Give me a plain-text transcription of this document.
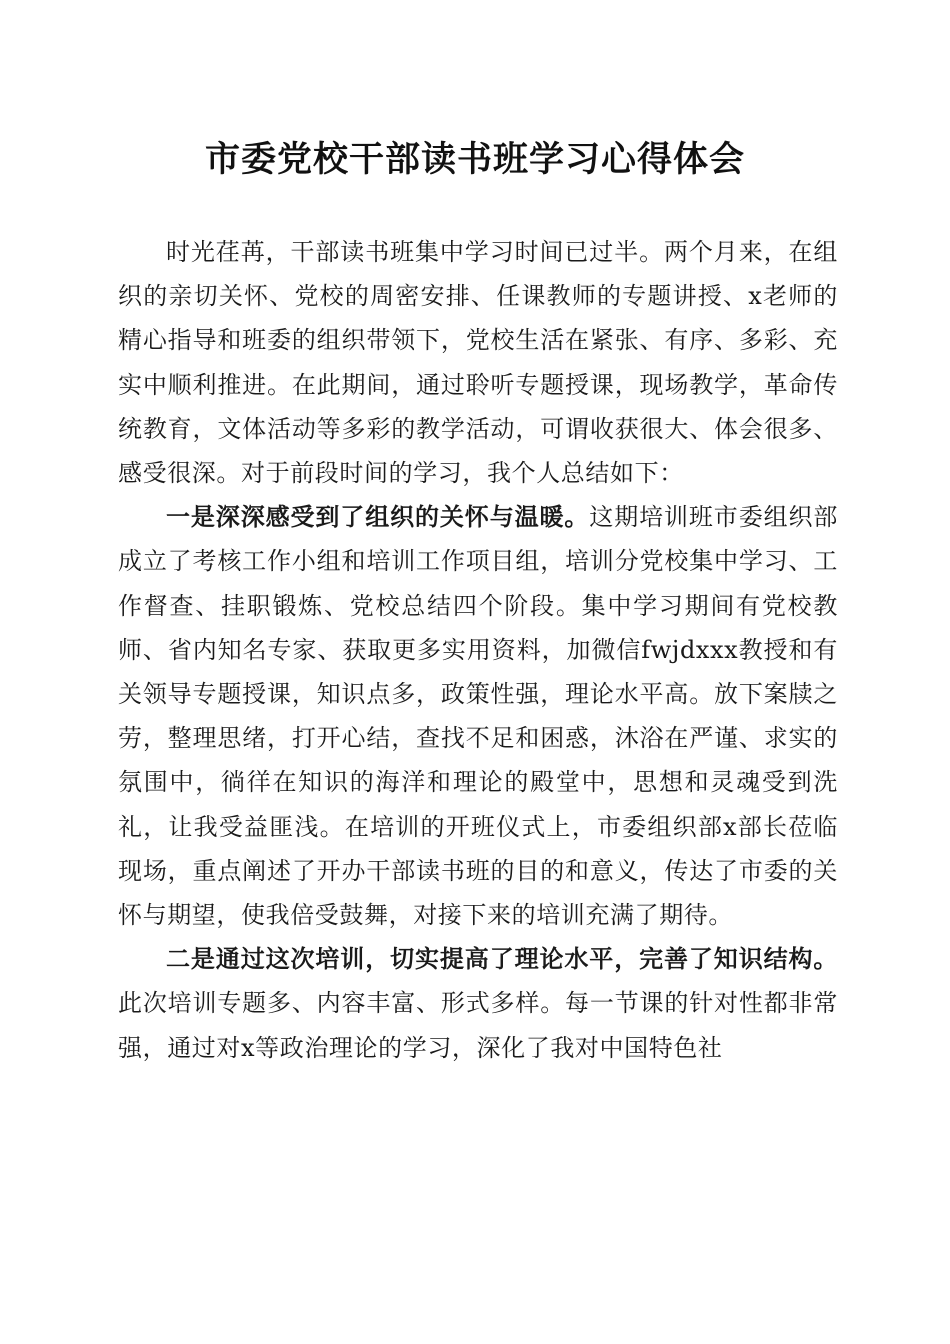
市委党校干部读书班学习心得体会

时光荏苒，干部读书班集中学习时间已过半。两个月来，在组织的亲切关怀、党校的周密安排、任课教师的专题讲授、x老师的精心指导和班委的组织带领下，党校生活在紧张、有序、多彩、充实中顺利推进。在此期间，通过聆听专题授课，现场教学，革命传统教育，文体活动等多彩的教学活动，可谓收获很大、体会很多、感受很深。对于前段时间的学习，我个人总结如下：

一是深深感受到了组织的关怀与温暖。这期培训班市委组织部成立了考核工作小组和培训工作项目组，培训分党校集中学习、工作督查、挂职锻炼、党校总结四个阶段。集中学习期间有党校教师、省内知名专家、获取更多实用资料，加微信fwjdxxx教授和有关领导专题授课，知识点多，政策性强，理论水平高。放下案牍之劳，整理思绪，打开心结，查找不足和困惑，沐浴在严谨、求实的氛围中，徜徉在知识的海洋和理论的殿堂中，思想和灵魂受到洗礼，让我受益匪浅。在培训的开班仪式上，市委组织部x部长莅临现场，重点阐述了开办干部读书班的目的和意义，传达了市委的关怀与期望，使我倍受鼓舞，对接下来的培训充满了期待。

二是通过这次培训，切实提高了理论水平，完善了知识结构。此次培训专题多、内容丰富、形式多样。每一节课的针对性都非常强，通过对x等政治理论的学习，深化了我对中国特色社
